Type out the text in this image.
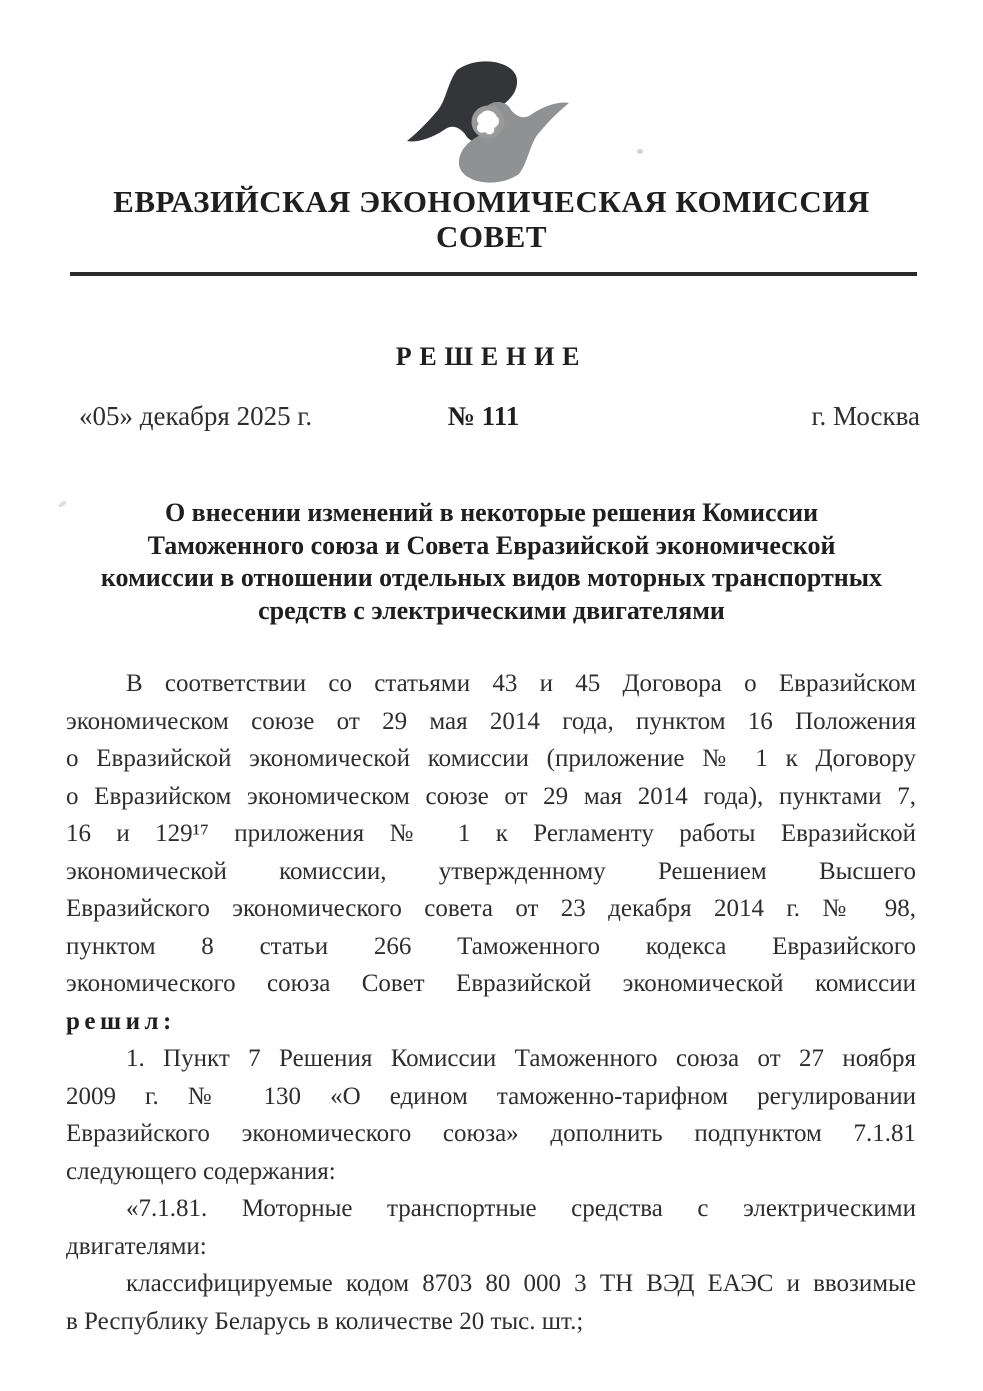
ЕВРАЗИЙСКАЯ ЭКОНОМИЧЕСКАЯ КОМИССИЯ
СОВЕТ
РЕШЕНИЕ
«05» декабря 2025 г.	№ 111	г. Москва
О внесении изменений в некоторые решения Комиссии
Таможенного союза и Совета Евразийской экономической
комиссии в отношении отдельных видов моторных транспортных
средств с электрическими двигателями
В соответствии со статьями 43 и 45 Договора о Евразийском
экономическом союзе от 29 мая 2014 года, пунктом 16 Положения
о Евразийской экономической комиссии (приложение № 1 к Договору
о Евразийском экономическом союзе от 29 мая 2014 года), пунктами 7,
16 и 129¹⁷ приложения № 1 к Регламенту работы Евразийской
экономической комиссии, утвержденному Решением Высшего
Евразийского экономического совета от 23 декабря 2014 г. № 98,
пунктом 8 статьи 266 Таможенного кодекса Евразийского
экономического союза Совет Евразийской экономической комиссии
решил:
1. Пункт 7 Решения Комиссии Таможенного союза от 27 ноября
2009 г. № 130 «О едином таможенно-тарифном регулировании
Евразийского экономического союза» дополнить подпунктом 7.1.81
следующего содержания:
«7.1.81. Моторные транспортные средства с электрическими
двигателями:
классифицируемые кодом 8703 80 000 3 ТН ВЭД ЕАЭС и ввозимые
в Республику Беларусь в количестве 20 тыс. шт.;
